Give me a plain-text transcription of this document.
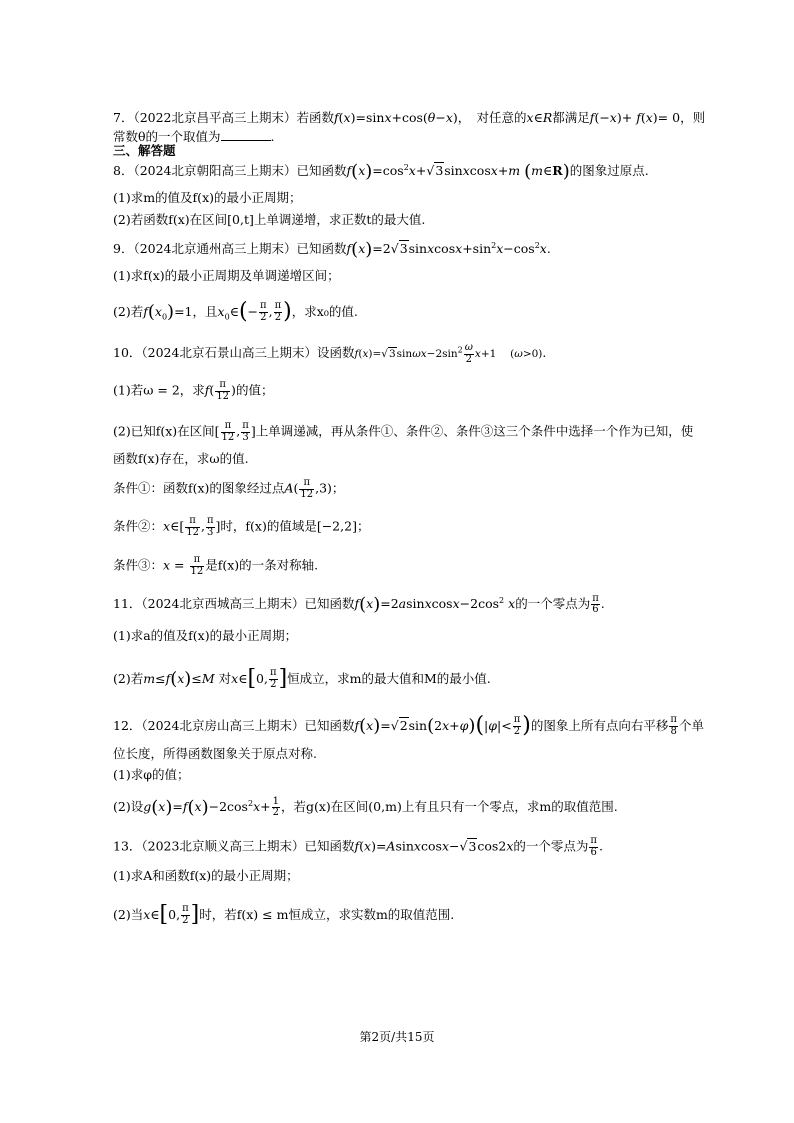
7．（2022北京昌平高三上期末）若函数f(x)=sinx+cos(θ−x)，　对任意的x∈R都满足f(−x)+ f(x)= 0，则
常数θ的一个取值为	.
三、解答题
8．（2024北京朝阳高三上期末）已知函数$f(x)=\cos^2x+√3sinxcosx+m$ (m∈R)的图象过原点.
(1)求m的值及f(x)的最小正周期；
(2)若函数f(x)在区间[0,t]上单调递增，求正数t的最大值.
9．（2024北京通州高三上期末）已知函数$f(x)=2√3sinxcosx+\sin^2x-\cos^2x$.
(1)求f(x)的最小正周期及单调递增区间；
(2)若$f(x_0)=1$，且$x_0\in(- \frac{\pi}{2}$ , $\frac{\pi}{2}$ )，求x₀的值.
10．（2024北京石景山高三上期末）设函数$f(x)=√3\sin\omega x-2\sin^2 \frac{\omega}{2} x+1$ 　(ω>0).
(1)若ω = 2，求$f( \frac{\pi}{12}$ )的值；
(2)已知f(x)在区间[ $\frac{\pi}{12}$ , $\frac{\pi}{3}$ ]上单调递减，再从条件①、条件②、条件③这三个条件中选择一个作为已知，使
函数f(x)存在，求ω的值.
条件①：函数f(x)的图象经过点$A( \frac{\pi}{12} ,3)$；
条件②：x∈[ $\frac{\pi}{12}$ , $\frac{\pi}{3}$ ]时，f(x)的值域是[−2,2]；
条件③：$x = \frac{\pi}{12}$ 是f(x)的一条对称轴.
11．（2024北京西城高三上期末）已知函数$f(x)=2asinxcosx-2\cos^2$ x的一个零点为 $\frac{\pi}{6}$ .
(1)求a的值及f(x)的最小正周期；
(2)若m≤f(x)≤M 对x∈[0, $\frac{\pi}{2}$ ]恒成立，求m的最大值和M的最小值.
12．（2024北京房山高三上期末）已知函数$f(x)=√2\sin(2x+\varphi)(|\varphi|< \frac{\pi}{2}$ )的图象上所有点向右平移 $\frac{\pi}{8}$ 个单
位长度，所得函数图象关于原点对称.
(1)求φ的值；
(2)设$g(x)=f(x)-2\cos^2x+ \frac{1}{2}$ ，若g(x)在区间(0,m)上有且只有一个零点，求m的取值范围.
13．（2023北京顺义高三上期末）已知函数f(x)=Asinxcosx−√3cos2x的一个零点为 $\frac{\pi}{6}$ .
(1)求A和函数f(x)的最小正周期；
(2)当x∈[0, $\frac{\pi}{2}$ ]时，若f(x) ≤ m恒成立，求实数m的取值范围.
第2页/共15页
